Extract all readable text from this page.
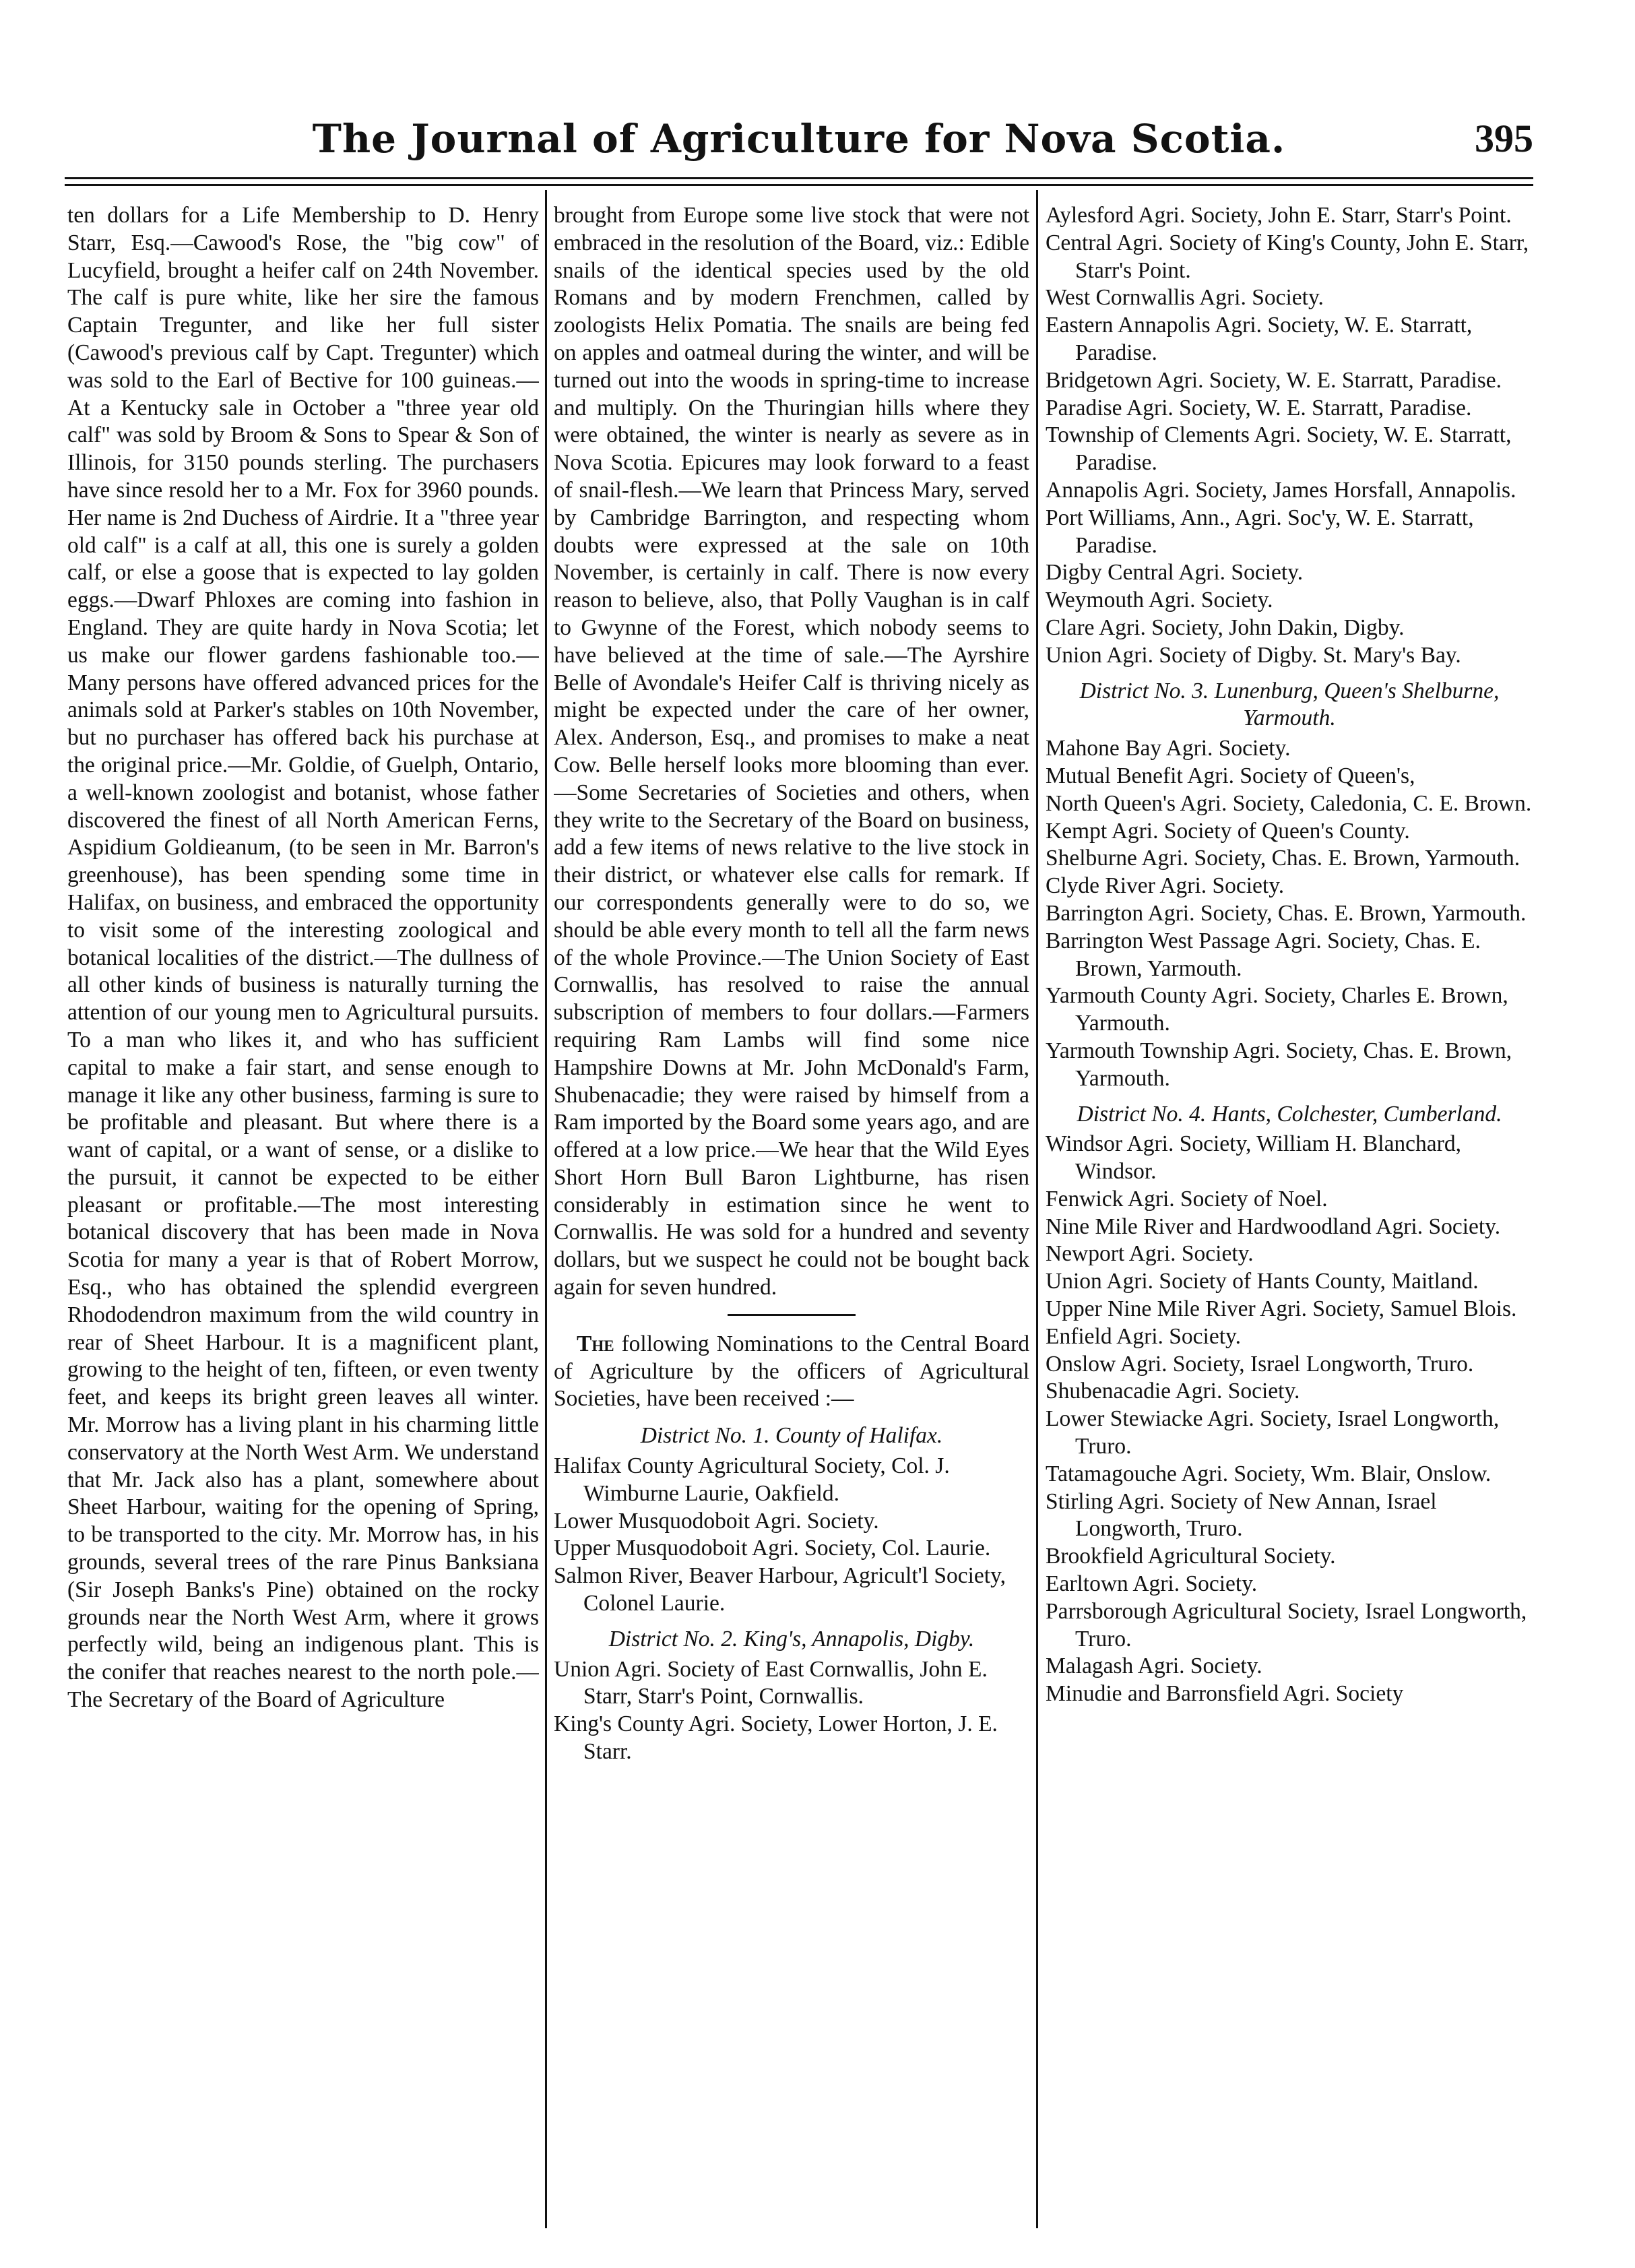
The Journal of Agriculture for Nova Scotia.	395

ten dollars for a Life Membership to D. Henry Starr, Esq.—Cawood's Rose, the "big cow" of Lucyfield, brought a heifer calf on 24th November. The calf is pure white, like her sire the famous Captain Tregunter, and like her full sister (Cawood's previous calf by Capt. Tregunter) which was sold to the Earl of Bective for 100 guineas.—At a Kentucky sale in October a "three year old calf" was sold by Broom & Sons to Spear & Son of Illinois, for 3150 pounds sterling. The purchasers have since resold her to a Mr. Fox for 3960 pounds. Her name is 2nd Duchess of Airdrie. It a "three year old calf" is a calf at all, this one is surely a golden calf, or else a goose that is expected to lay golden eggs.—Dwarf Phloxes are coming into fashion in England. They are quite hardy in Nova Scotia; let us make our flower gardens fashionable too.—Many persons have offered advanced prices for the animals sold at Parker's stables on 10th November, but no purchaser has offered back his purchase at the original price.—Mr. Goldie, of Guelph, Ontario, a well-known zoologist and botanist, whose father discovered the finest of all North American Ferns, Aspidium Goldieanum, (to be seen in Mr. Barron's greenhouse), has been spending some time in Halifax, on business, and embraced the opportunity to visit some of the interesting zoological and botanical localities of the district.—The dullness of all other kinds of business is naturally turning the attention of our young men to Agricultural pursuits. To a man who likes it, and who has sufficient capital to make a fair start, and sense enough to manage it like any other business, farming is sure to be profitable and pleasant. But where there is a want of capital, or a want of sense, or a dislike to the pursuit, it cannot be expected to be either pleasant or profitable.—The most interesting botanical discovery that has been made in Nova Scotia for many a year is that of Robert Morrow, Esq., who has obtained the splendid evergreen Rhododendron maximum from the wild country in rear of Sheet Harbour. It is a magnificent plant, growing to the height of ten, fifteen, or even twenty feet, and keeps its bright green leaves all winter. Mr. Morrow has a living plant in his charming little conservatory at the North West Arm. We understand that Mr. Jack also has a plant, somewhere about Sheet Harbour, waiting for the opening of Spring, to be transported to the city. Mr. Morrow has, in his grounds, several trees of the rare Pinus Banksiana (Sir Joseph Banks's Pine) obtained on the rocky grounds near the North West Arm, where it grows perfectly wild, being an indigenous plant. This is the conifer that reaches nearest to the north pole.—The Secretary of the Board of Agriculture

brought from Europe some live stock that were not embraced in the resolution of the Board, viz.: Edible snails of the identical species used by the old Romans and by modern Frenchmen, called by zoologists Helix Pomatia. The snails are being fed on apples and oatmeal during the winter, and will be turned out into the woods in spring-time to increase and multiply. On the Thuringian hills where they were obtained, the winter is nearly as severe as in Nova Scotia. Epicures may look forward to a feast of snail-flesh.—We learn that Princess Mary, served by Cambridge Barrington, and respecting whom doubts were expressed at the sale on 10th November, is certainly in calf. There is now every reason to believe, also, that Polly Vaughan is in calf to Gwynne of the Forest, which nobody seems to have believed at the time of sale.—The Ayrshire Belle of Avondale's Heifer Calf is thriving nicely as might be expected under the care of her owner, Alex. Anderson, Esq., and promises to make a neat Cow. Belle herself looks more blooming than ever.—Some Secretaries of Societies and others, when they write to the Secretary of the Board on business, add a few items of news relative to the live stock in their district, or whatever else calls for remark. If our correspondents generally were to do so, we should be able every month to tell all the farm news of the whole Province.—The Union Society of East Cornwallis, has resolved to raise the annual subscription of members to four dollars.—Farmers requiring Ram Lambs will find some nice Hampshire Downs at Mr. John McDonald's Farm, Shubenacadie; they were raised by himself from a Ram imported by the Board some years ago, and are offered at a low price.—We hear that the Wild Eyes Short Horn Bull Baron Lightburne, has risen considerably in estimation since he went to Cornwallis. He was sold for a hundred and seventy dollars, but we suspect he could not be bought back again for seven hundred.

The following Nominations to the Central Board of Agriculture by the officers of Agricultural Societies, have been received :—

District No. 1. County of Halifax.

Halifax County Agricultural Society, Col. J. Wimburne Laurie, Oakfield.

Lower Musquodoboit Agri. Society.

Upper Musquodoboit Agri. Society, Col. Laurie.

Salmon River, Beaver Harbour, Agricult'l Society, Colonel Laurie.

District No. 2. King's, Annapolis, Digby.

Union Agri. Society of East Cornwallis, John E. Starr, Starr's Point, Cornwallis.

King's County Agri. Society, Lower Horton, J. E. Starr.

Aylesford Agri. Society, John E. Starr, Starr's Point.

Central Agri. Society of King's County, John E. Starr, Starr's Point.

West Cornwallis Agri. Society.

Eastern Annapolis Agri. Society, W. E. Starratt, Paradise.

Bridgetown Agri. Society, W. E. Starratt, Paradise.

Paradise Agri. Society, W. E. Starratt, Paradise.

Township of Clements Agri. Society, W. E. Starratt, Paradise.

Annapolis Agri. Society, James Horsfall, Annapolis.

Port Williams, Ann., Agri. Soc'y, W. E. Starratt, Paradise.

Digby Central Agri. Society.

Weymouth Agri. Society.

Clare Agri. Society, John Dakin, Digby.

Union Agri. Society of Digby. St. Mary's Bay.

District No. 3. Lunenburg, Queen's Shelburne, Yarmouth.

Mahone Bay Agri. Society.

Mutual Benefit Agri. Society of Queen's,

North Queen's Agri. Society, Caledonia, C. E. Brown.

Kempt Agri. Society of Queen's County.

Shelburne Agri. Society, Chas. E. Brown, Yarmouth.

Clyde River Agri. Society.

Barrington Agri. Society, Chas. E. Brown, Yarmouth.

Barrington West Passage Agri. Society, Chas. E. Brown, Yarmouth.

Yarmouth County Agri. Society, Charles E. Brown, Yarmouth.

Yarmouth Township Agri. Society, Chas. E. Brown, Yarmouth.

District No. 4. Hants, Colchester, Cumberland.

Windsor Agri. Society, William H. Blanchard, Windsor.

Fenwick Agri. Society of Noel.

Nine Mile River and Hardwoodland Agri. Society.

Newport Agri. Society.

Union Agri. Society of Hants County, Maitland.

Upper Nine Mile River Agri. Society, Samuel Blois.

Enfield Agri. Society.

Onslow Agri. Society, Israel Longworth, Truro.

Shubenacadie Agri. Society.

Lower Stewiacke Agri. Society, Israel Longworth, Truro.

Tatamagouche Agri. Society, Wm. Blair, Onslow.

Stirling Agri. Society of New Annan, Israel Longworth, Truro.

Brookfield Agricultural Society.

Earltown Agri. Society.

Parrsborough Agricultural Society, Israel Longworth, Truro.

Malagash Agri. Society.

Minudie and Barronsfield Agri. Society
